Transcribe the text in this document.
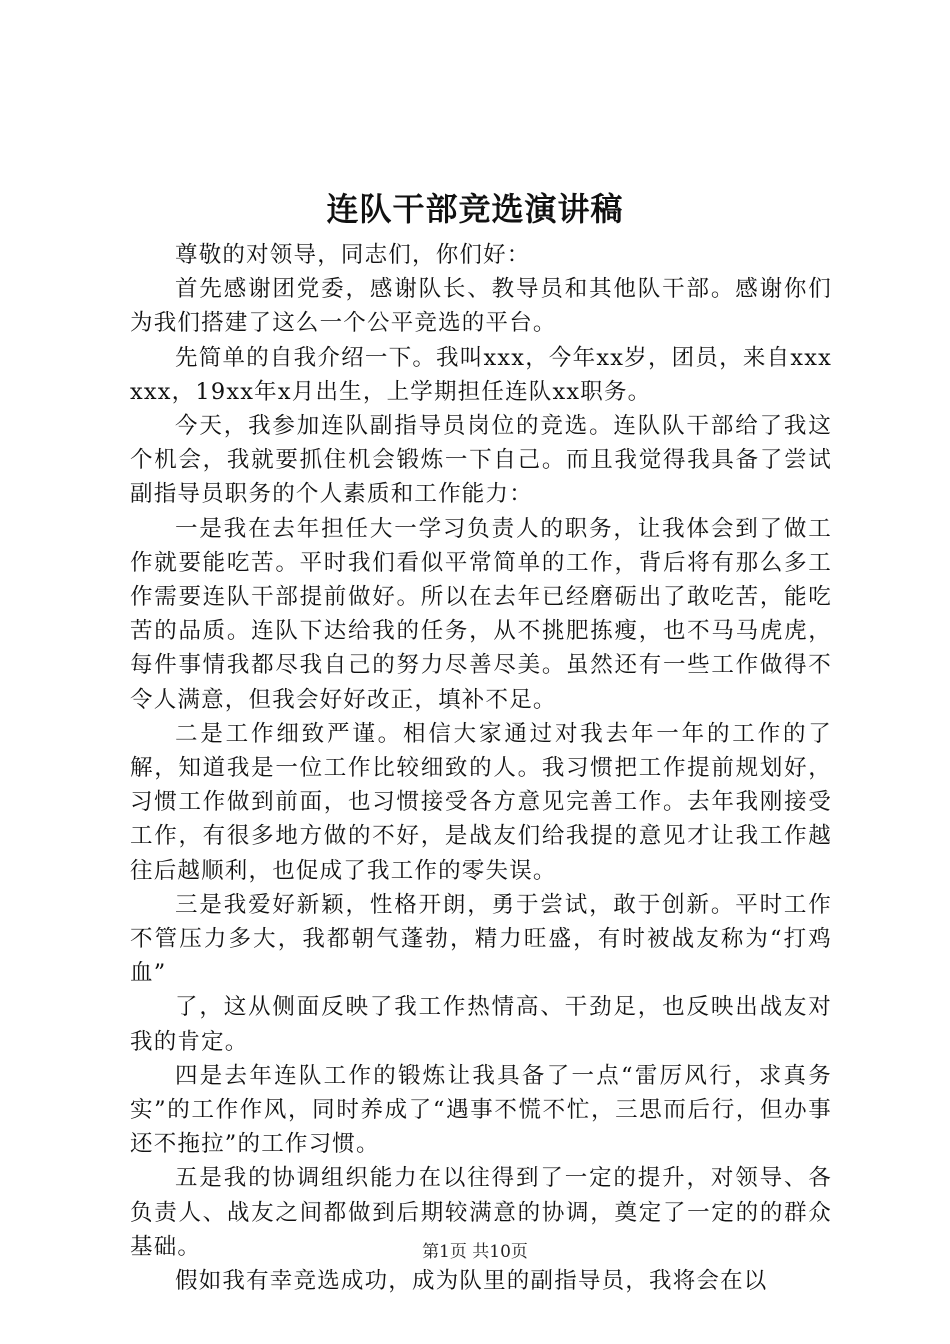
连队干部竞选演讲稿

尊敬的对领导，同志们，你们好：

首先感谢团党委，感谢队长、教导员和其他队干部。感谢你们为我们搭建了这么一个公平竞选的平台。

先简单的自我介绍一下。我叫xxx，今年xx岁，团员，来自xxxxxx，19xx年x月出生，上学期担任连队xx职务。

今天，我参加连队副指导员岗位的竞选。连队队干部给了我这个机会，我就要抓住机会锻炼一下自己。而且我觉得我具备了尝试副指导员职务的个人素质和工作能力：

一是我在去年担任大一学习负责人的职务，让我体会到了做工作就要能吃苦。平时我们看似平常简单的工作，背后将有那么多工作需要连队干部提前做好。所以在去年已经磨砺出了敢吃苦，能吃苦的品质。连队下达给我的任务，从不挑肥拣瘦，也不马马虎虎，每件事情我都尽我自己的努力尽善尽美。虽然还有一些工作做得不令人满意，但我会好好改正，填补不足。

二是工作细致严谨。相信大家通过对我去年一年的工作的了解，知道我是一位工作比较细致的人。我习惯把工作提前规划好，习惯工作做到前面，也习惯接受各方意见完善工作。去年我刚接受工作，有很多地方做的不好，是战友们给我提的意见才让我工作越往后越顺利，也促成了我工作的零失误。

三是我爱好新颖，性格开朗，勇于尝试，敢于创新。平时工作不管压力多大，我都朝气蓬勃，精力旺盛，有时被战友称为“打鸡血”

了，这从侧面反映了我工作热情高、干劲足，也反映出战友对我的肯定。

四是去年连队工作的锻炼让我具备了一点“雷厉风行，求真务实”的工作作风，同时养成了“遇事不慌不忙，三思而后行，但办事还不拖拉”的工作习惯。

五是我的协调组织能力在以往得到了一定的提升，对领导、各负责人、战友之间都做到后期较满意的协调，奠定了一定的的群众基础。

假如我有幸竞选成功，成为队里的副指导员，我将会在以

第1页 共10页
